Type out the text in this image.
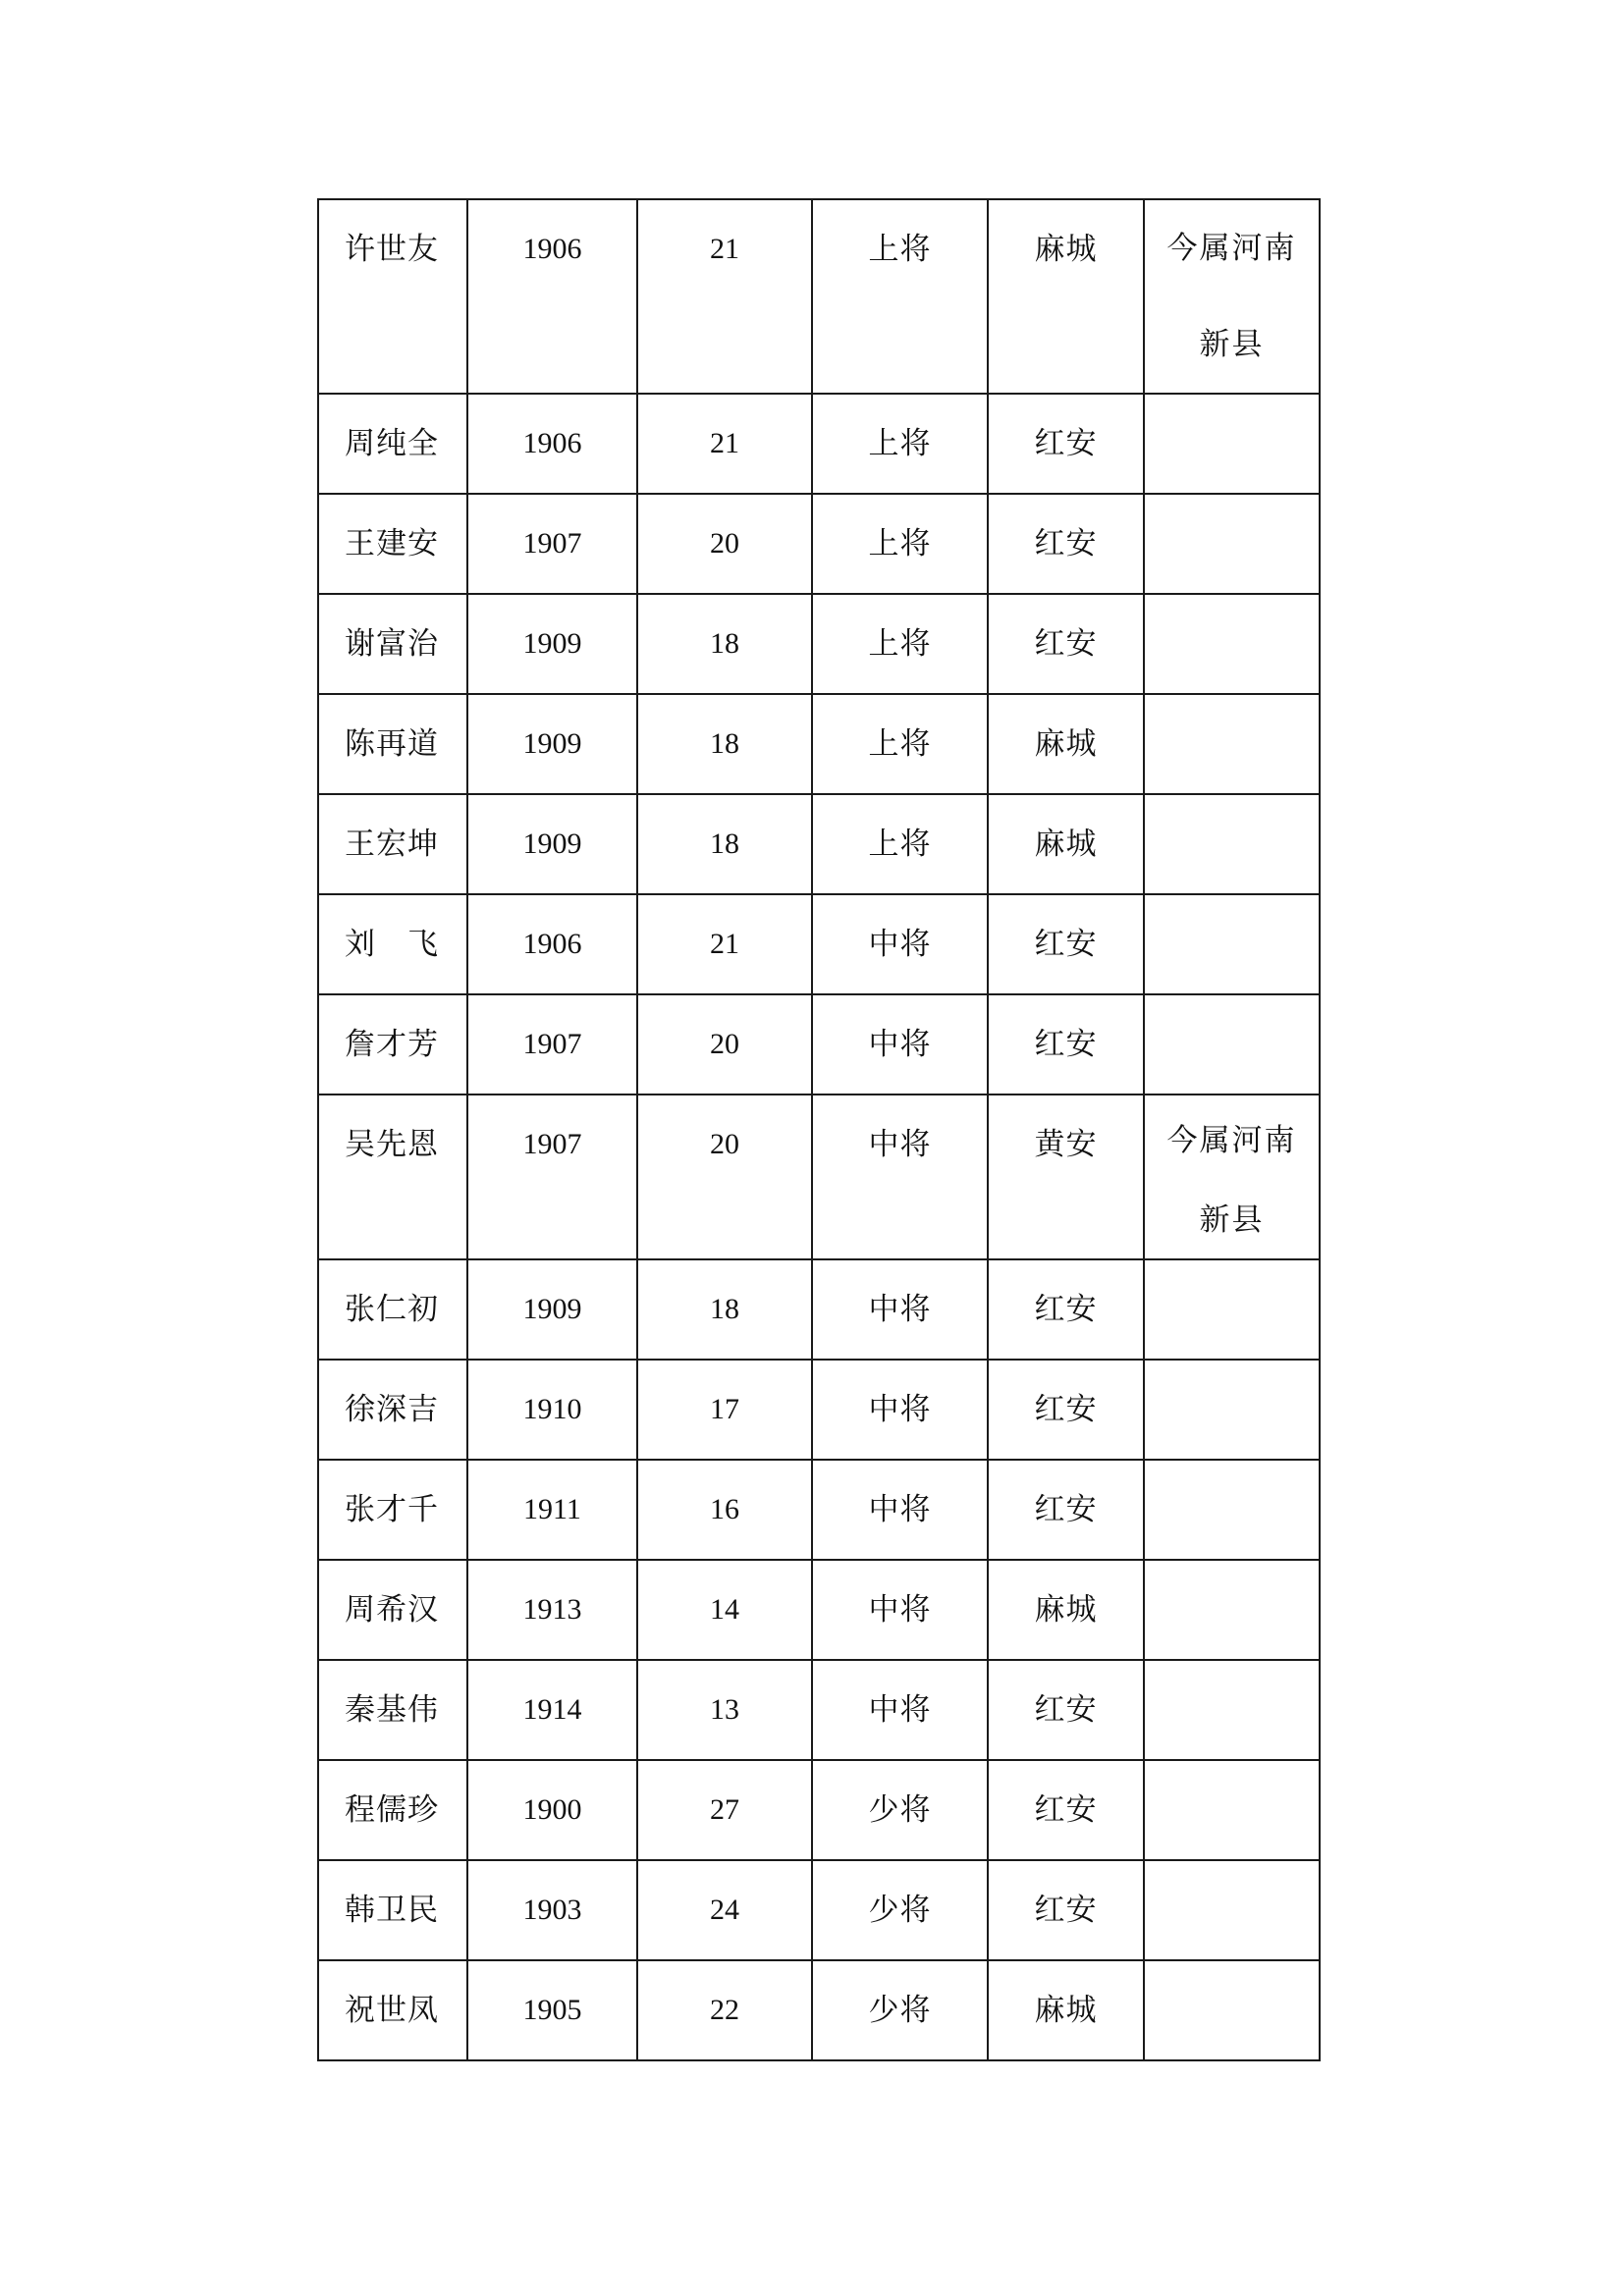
许世友	1906	21	上将	麻城	今属河南
新县

周纯全	1906	21	上将	红安	
王建安	1907	20	上将	红安	
谢富治	1909	18	上将	红安	
陈再道	1909	18	上将	麻城	
王宏坤	1909	18	上将	麻城	
刘　飞	1906	21	中将	红安	
詹才芳	1907	20	中将	红安	
吴先恩	1907	20	中将	黄安	今属河南
新县

张仁初	1909	18	中将	红安	
徐深吉	1910	17	中将	红安	
张才千	1911	16	中将	红安	
周希汉	1913	14	中将	麻城	
秦基伟	1914	13	中将	红安	
程儒珍	1900	27	少将	红安	
韩卫民	1903	24	少将	红安	
祝世凤	1905	22	少将	麻城	
